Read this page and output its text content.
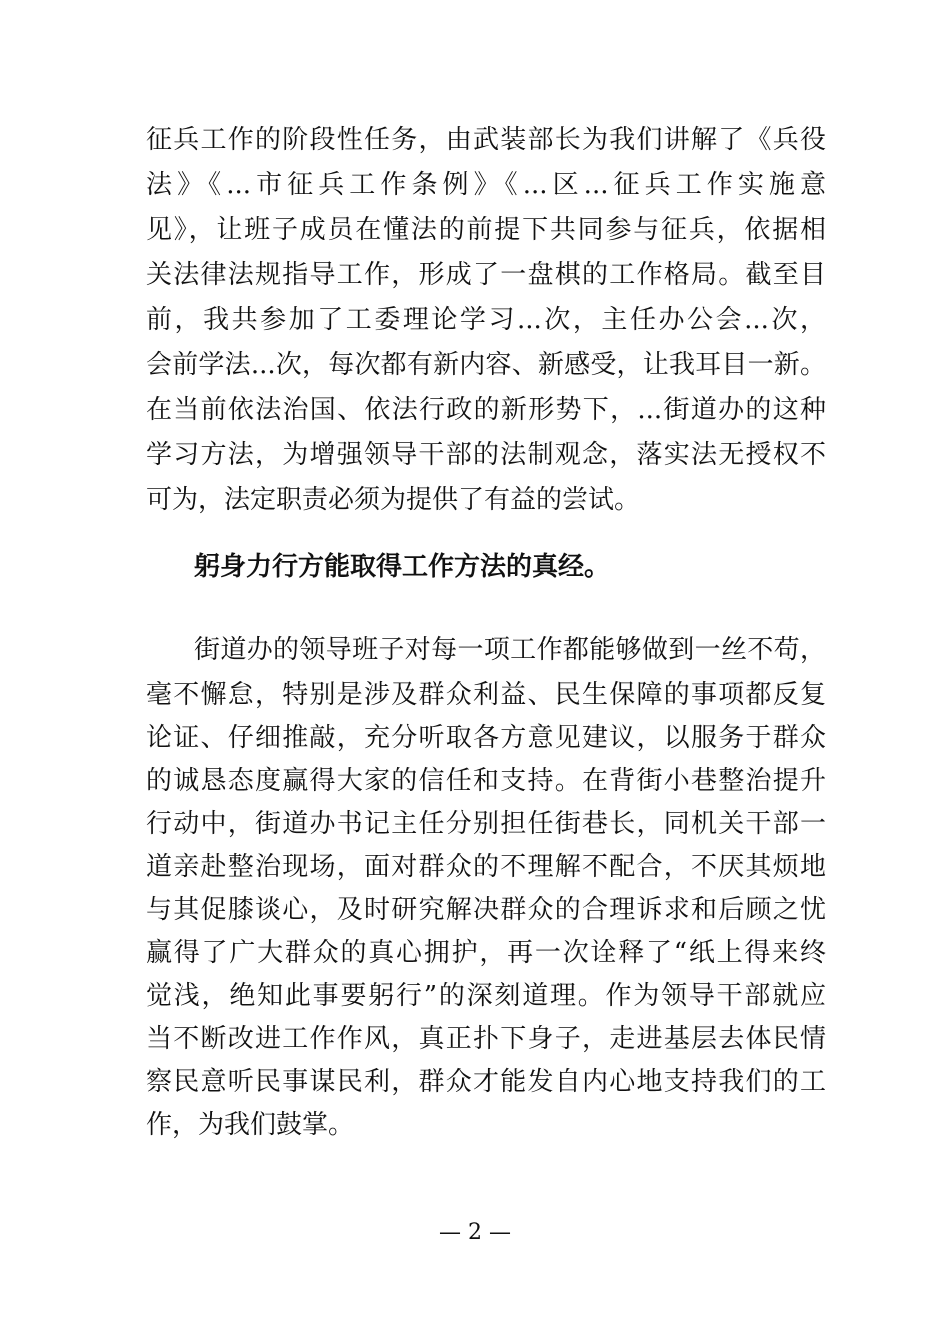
征兵工作的阶段性任务，由武装部长为我们讲解了《兵役
法》《...市征兵工作条例》《...区...征兵工作实施意
见》，让班子成员在懂法的前提下共同参与征兵，依据相
关法律法规指导工作，形成了一盘棋的工作格局。截至目
前，我共参加了工委理论学习...次，主任办公会...次，
会前学法...次，每次都有新内容、新感受，让我耳目一新。
在当前依法治国、依法行政的新形势下，...街道办的这种
学习方法，为增强领导干部的法制观念，落实法无授权不
可为，法定职责必须为提供了有益的尝试。
躬身力行方能取得工作方法的真经。
街道办的领导班子对每一项工作都能够做到一丝不苟，
毫不懈怠，特别是涉及群众利益、民生保障的事项都反复
论证、仔细推敲，充分听取各方意见建议，以服务于群众
的诚恳态度赢得大家的信任和支持。在背街小巷整治提升
行动中，街道办书记主任分别担任街巷长，同机关干部一
道亲赴整治现场，面对群众的不理解不配合，不厌其烦地
与其促膝谈心，及时研究解决群众的合理诉求和后顾之忧
赢得了广大群众的真心拥护，再一次诠释了“纸上得来终
觉浅，绝知此事要躬行”的深刻道理。作为领导干部就应
当不断改进工作作风，真正扑下身子，走进基层去体民情
察民意听民事谋民利，群众才能发自内心地支持我们的工
作，为我们鼓掌。
— 2 —
